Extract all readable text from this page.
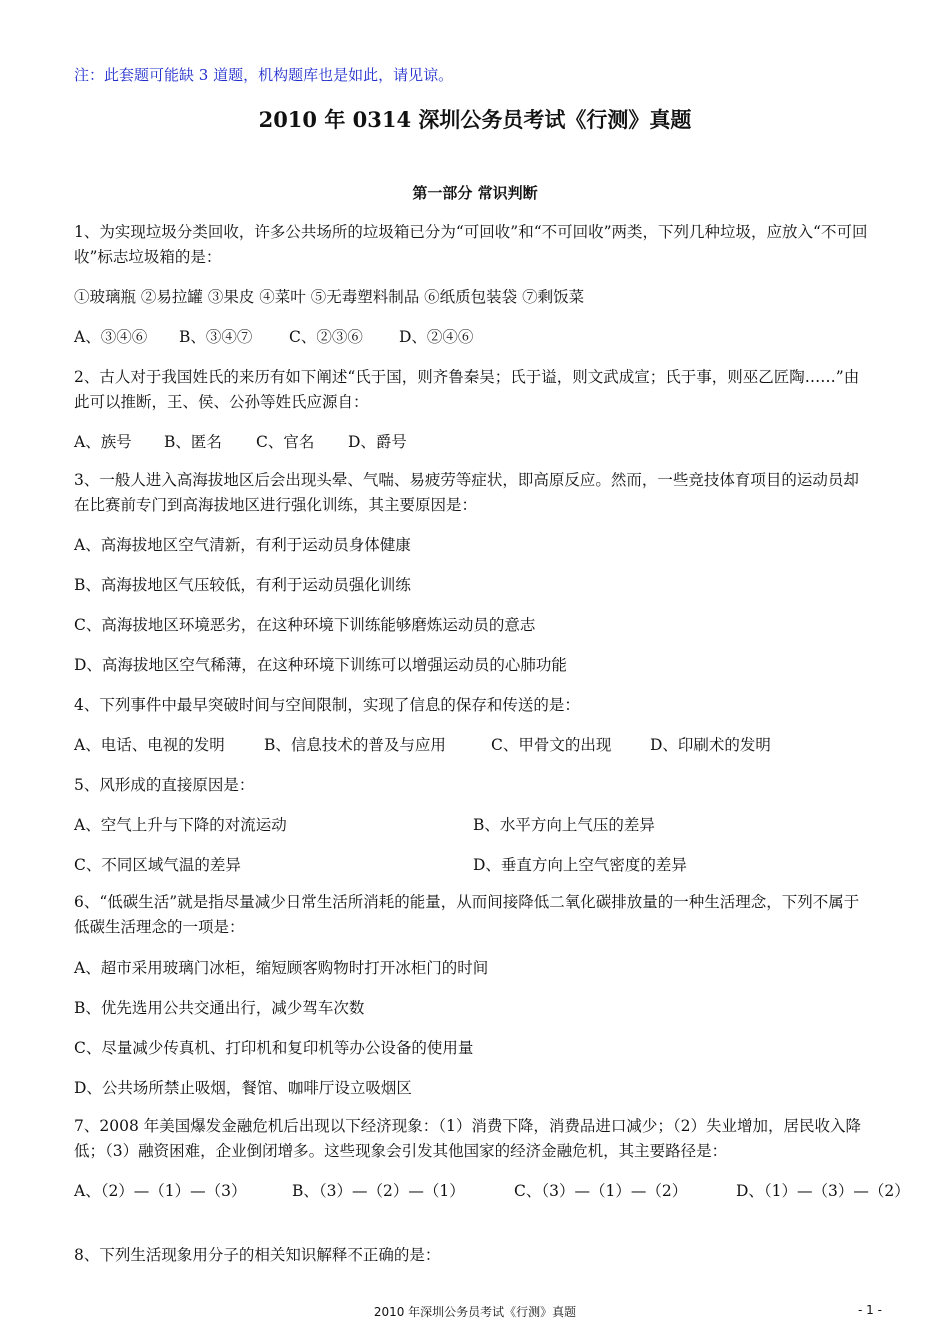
注：此套题可能缺 3 道题，机构题库也是如此，请见谅。
2010 年 0314 深圳公务员考试《行测》真题
第一部分 常识判断
1、为实现垃圾分类回收，许多公共场所的垃圾箱已分为“可回收”和“不可回收”两类，下列几种垃圾，应放入“不可回收”标志垃圾箱的是：
①玻璃瓶 ②易拉罐 ③果皮 ④菜叶 ⑤无毒塑料制品 ⑥纸质包装袋 ⑦剩饭菜
A、③④⑥ B、③④⑦ C、②③⑥ D、②④⑥
2、古人对于我国姓氏的来历有如下阐述“氏于国，则齐鲁秦吴；氏于谥，则文武成宣；氏于事，则巫乙匠陶……”由此可以推断，王、侯、公孙等姓氏应源自：
A、族号 B、匿名 C、官名 D、爵号
3、一般人进入高海拔地区后会出现头晕、气喘、易疲劳等症状，即高原反应。然而，一些竞技体育项目的运动员却在比赛前专门到高海拔地区进行强化训练，其主要原因是：
A、高海拔地区空气清新，有利于运动员身体健康
B、高海拔地区气压较低，有利于运动员强化训练
C、高海拔地区环境恶劣，在这种环境下训练能够磨炼运动员的意志
D、高海拔地区空气稀薄，在这种环境下训练可以增强运动员的心肺功能
4、下列事件中最早突破时间与空间限制，实现了信息的保存和传送的是：
A、电话、电视的发明	B、信息技术的普及与应用	C、甲骨文的出现 D、印刷术的发明
5、风形成的直接原因是：
A、空气上升与下降的对流运动	B、水平方向上气压的差异
C、不同区域气温的差异	D、垂直方向上空气密度的差异
6、“低碳生活”就是指尽量减少日常生活所消耗的能量，从而间接降低二氧化碳排放量的一种生活理念，下列不属于低碳生活理念的一项是：
A、超市采用玻璃门冰柜，缩短顾客购物时打开冰柜门的时间
B、优先选用公共交通出行，减少驾车次数
C、尽量减少传真机、打印机和复印机等办公设备的使用量
D、公共场所禁止吸烟，餐馆、咖啡厅设立吸烟区
7、2008 年美国爆发金融危机后出现以下经济现象：（1）消费下降，消费品进口减少；（2）失业增加，居民收入降低；（3）融资困难，企业倒闭增多。这些现象会引发其他国家的经济金融危机，其主要路径是：
A、（2）—（1）—（3）	B、（3）—（2）—（1）	C、（3）—（1）—（2）	D、（1）—（3）—（2）
8、下列生活现象用分子的相关知识解释不正确的是：
2010 年深圳公务员考试《行测》真题	- 1 -
